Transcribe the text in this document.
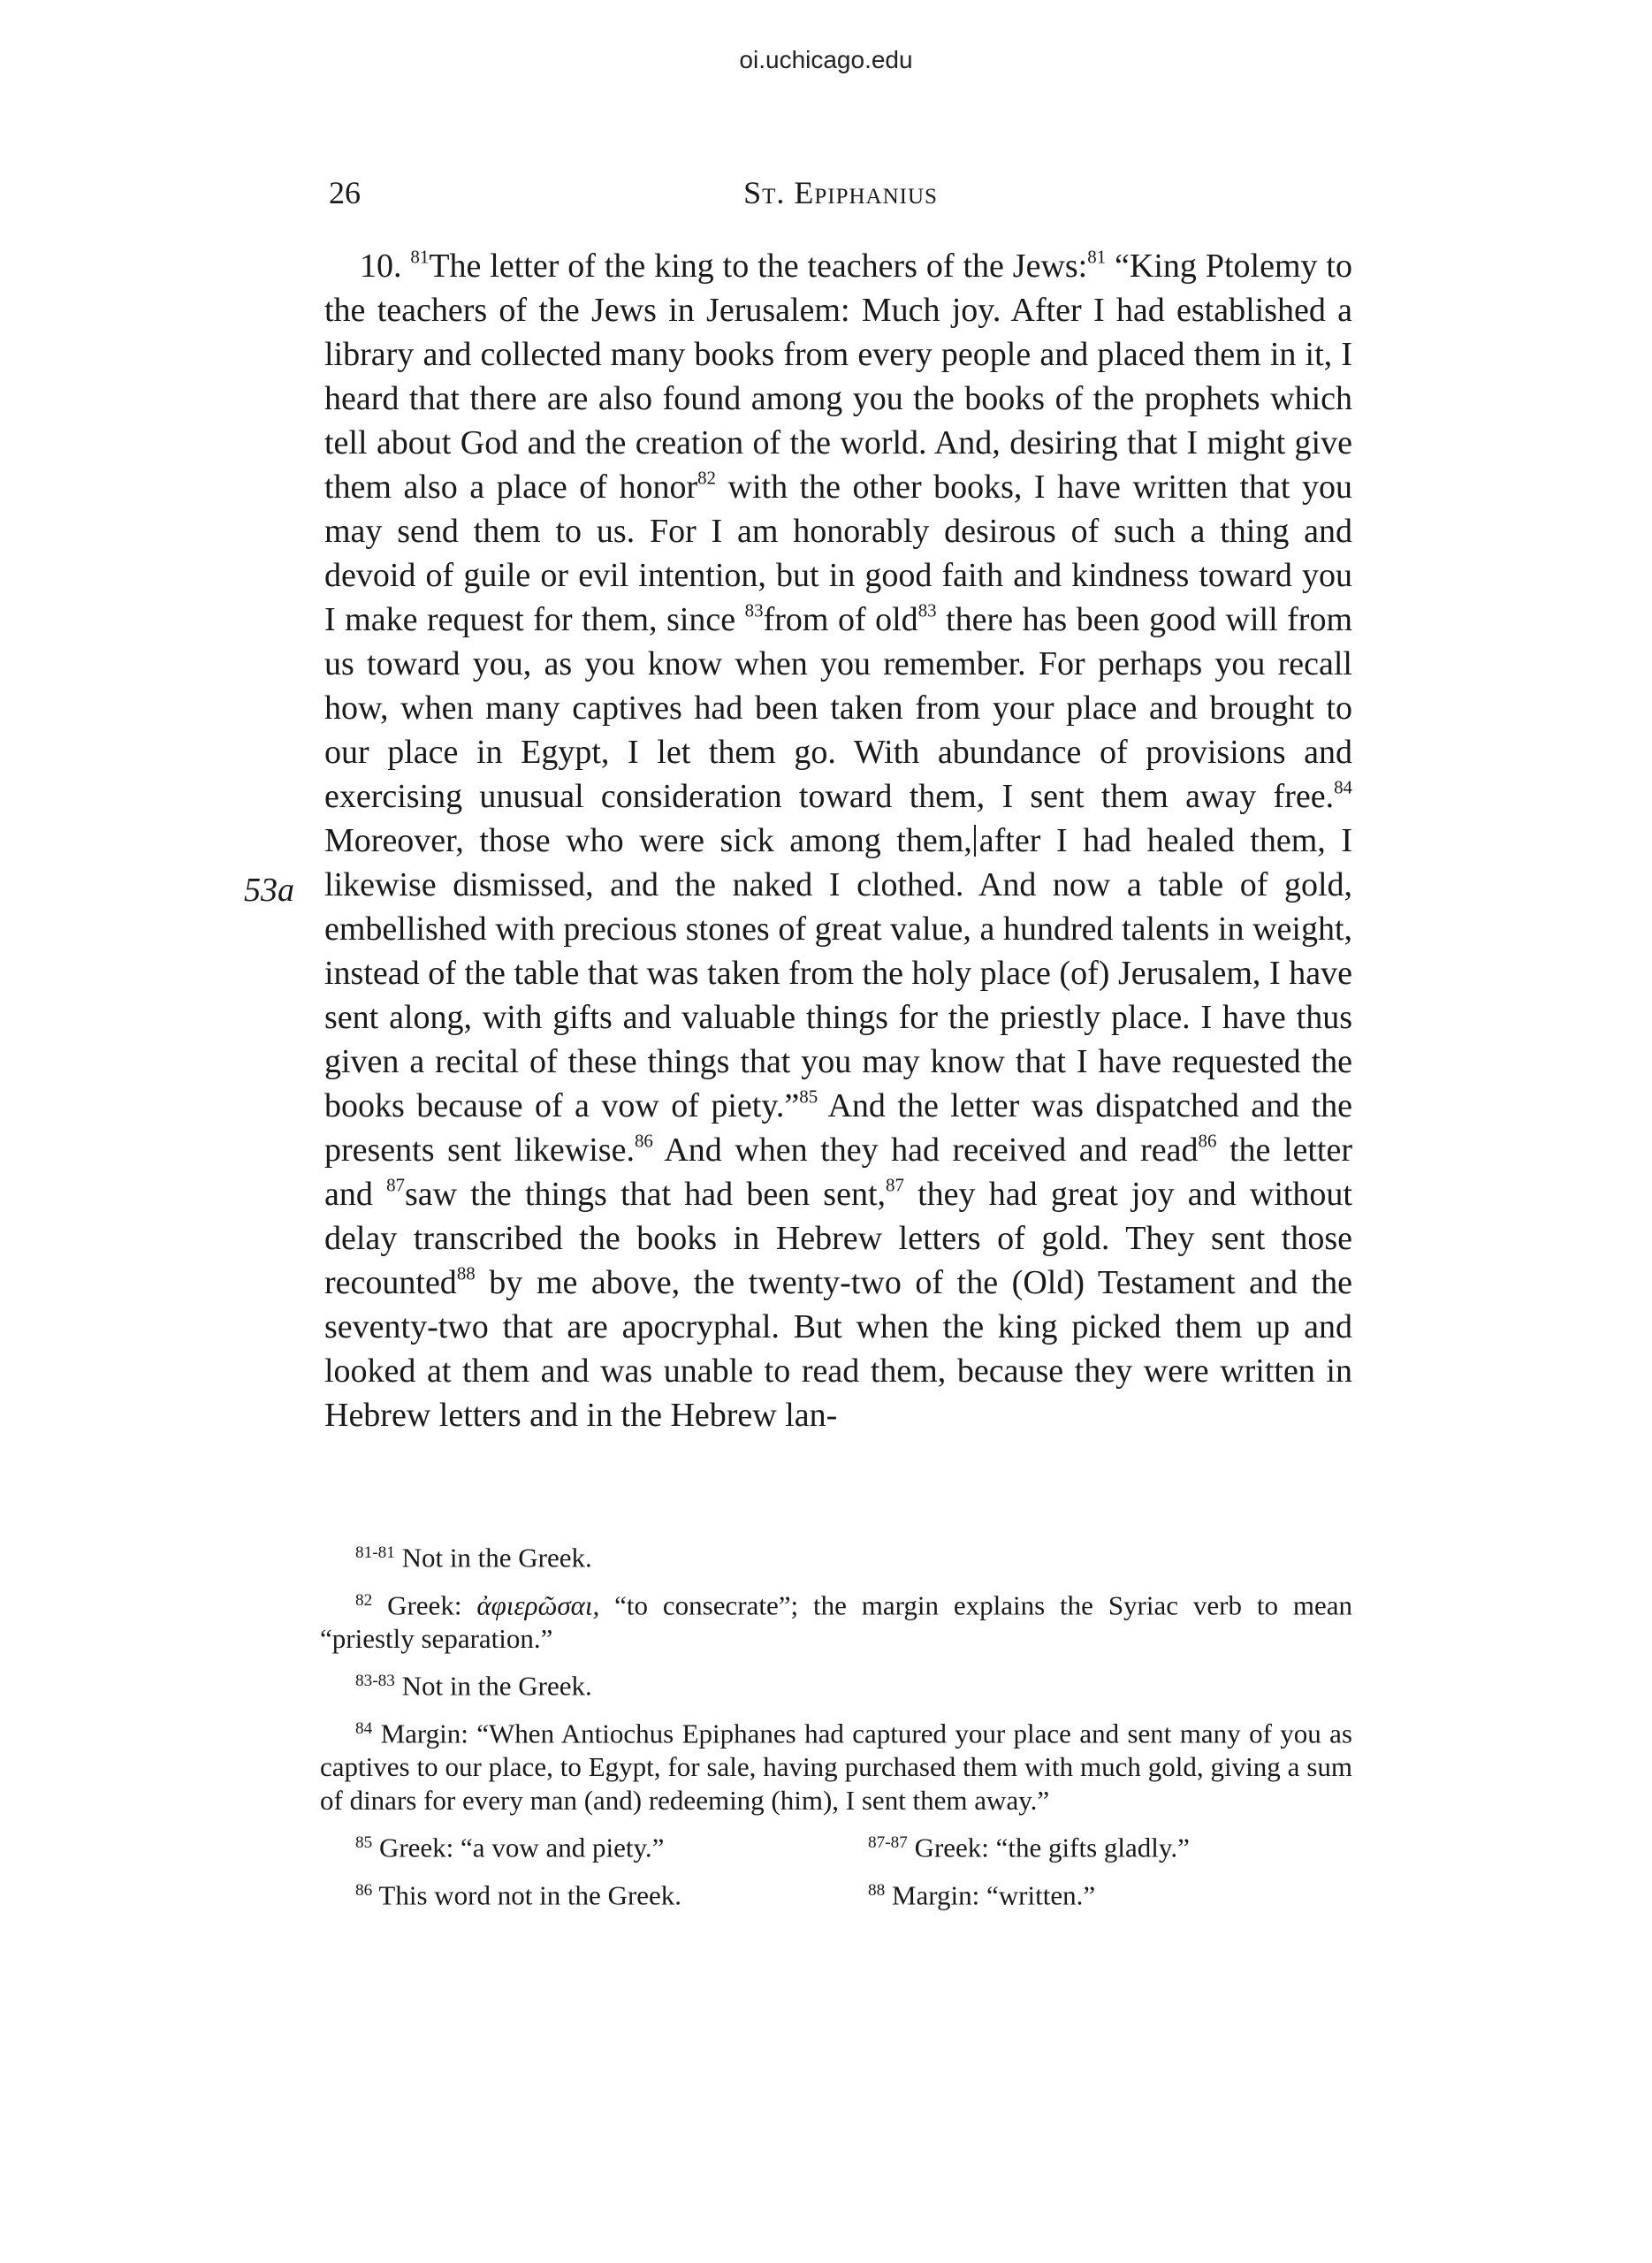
oi.uchicago.edu
26	St. Epiphanius
53a

10. $^{81}$The letter of the king to the teachers of the Jews:$^{81}$ “King Ptolemy to the teachers of the Jews in Jerusalem: Much joy. After I had established a library and collected many books from every people and placed them in it, I heard that there are also found among you the books of the prophets which tell about God and the creation of the world. And, desiring that I might give them also a place of honor$^{82}$ with the other books, I have written that you may send them to us. For I am honorably desirous of such a thing and devoid of guile or evil intention, but in good faith and kindness toward you I make request for them, since $^{83}$from of old$^{83}$ there has been good will from us toward you, as you know when you remember. For perhaps you recall how, when many captives had been taken from your place and brought to our place in Egypt, I let them go. With abundance of provisions and exercising unusual consideration toward them, I sent them away free.$^{84}$ Moreover, those who were sick among them, after I had healed them, I likewise dismissed, and the naked I clothed. And now a table of gold, embellished with precious stones of great value, a hundred talents in weight, instead of the table that was taken from the holy place (of) Jerusalem, I have sent along, with gifts and valuable things for the priestly place. I have thus given a recital of these things that you may know that I have requested the books because of a vow of piety.”$^{85}$ And the letter was dispatched and the presents sent likewise.$^{86}$ And when they had received and read$^{86}$ the letter and $^{87}$saw the things that had been sent,$^{87}$ they had great joy and without delay transcribed the books in Hebrew letters of gold. They sent those recounted$^{88}$ by me above, the twenty-two of the (Old) Testament and the seventy-two that are apocryphal. But when the king picked them up and looked at them and was unable to read them, because they were written in Hebrew letters and in the Hebrew lan-

$^{81-81}$ Not in the Greek.

$^{82}$ Greek: ἀφιερῶσαι, “to consecrate”; the margin explains the Syriac verb to mean “priestly separation.”

$^{83-83}$ Not in the Greek.

$^{84}$ Margin: “When Antiochus Epiphanes had captured your place and sent many of you as captives to our place, to Egypt, for sale, having purchased them with much gold, giving a sum of dinars for every man (and) redeeming (him), I sent them away.”

$^{85}$ Greek: “a vow and piety.”	$^{87-87}$ Greek: “the gifts gladly.”

$^{86}$ This word not in the Greek.	$^{88}$ Margin: “written.”
